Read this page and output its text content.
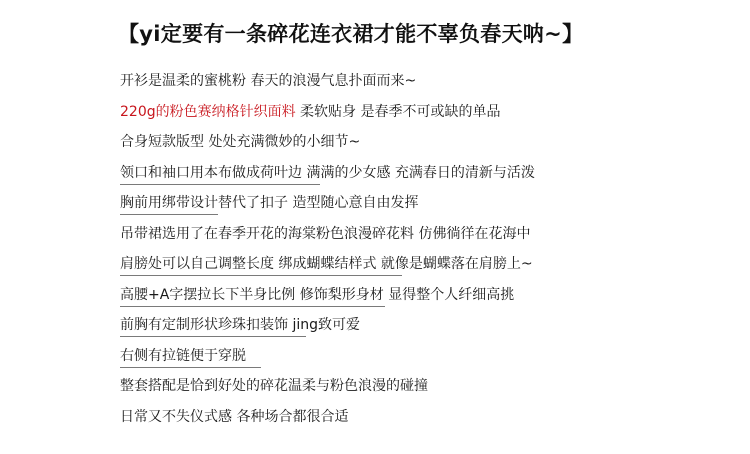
【yi定要有一条碎花连衣裙才能不辜负春天呐~】
开衫是温柔的蜜桃粉 春天的浪漫气息扑面而来~
220g的粉色赛纳格针织面料 柔软贴身 是春季不可或缺的单品
合身短款版型 处处充满微妙的小细节~
领口和袖口用本布做成荷叶边 满满的少女感 充满春日的清新与活泼
胸前用绑带设计替代了扣子 造型随心意自由发挥
吊带裙选用了在春季开花的海棠粉色浪漫碎花料 仿佛徜徉在花海中
肩膀处可以自己调整长度 绑成蝴蝶结样式 就像是蝴蝶落在肩膀上~
高腰+A字摆拉长下半身比例 修饰梨形身材 显得整个人纤细高挑
前胸有定制形状珍珠扣装饰 jing致可爱
右侧有拉链便于穿脱
整套搭配是恰到好处的碎花温柔与粉色浪漫的碰撞
日常又不失仪式感 各种场合都很合适
